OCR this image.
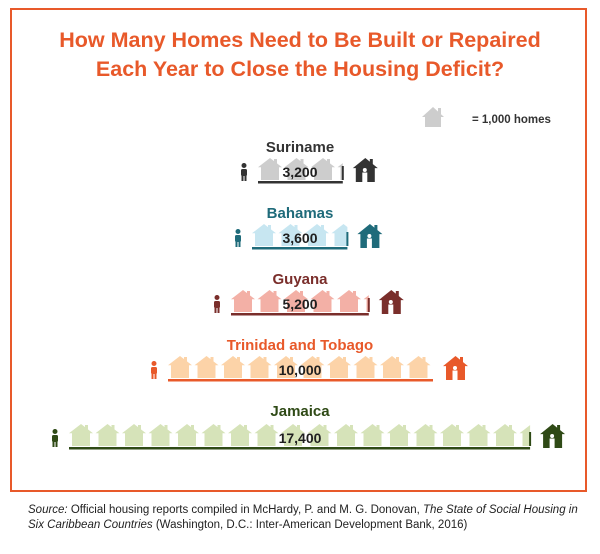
How Many Homes Need to Be Built or Repaired
Each Year to Close the Housing Deficit?
= 1,000 homes
Suriname
3,200
Bahamas
3,600
Guyana
5,200
Trinidad and Tobago
10,000
Jamaica
17,400

Source: Official housing reports compiled in McHardy, P. and M. G. Donovan, The State of Social Housing in Six Caribbean Countries (Washington, D.C.: Inter-American Development Bank, 2016)
